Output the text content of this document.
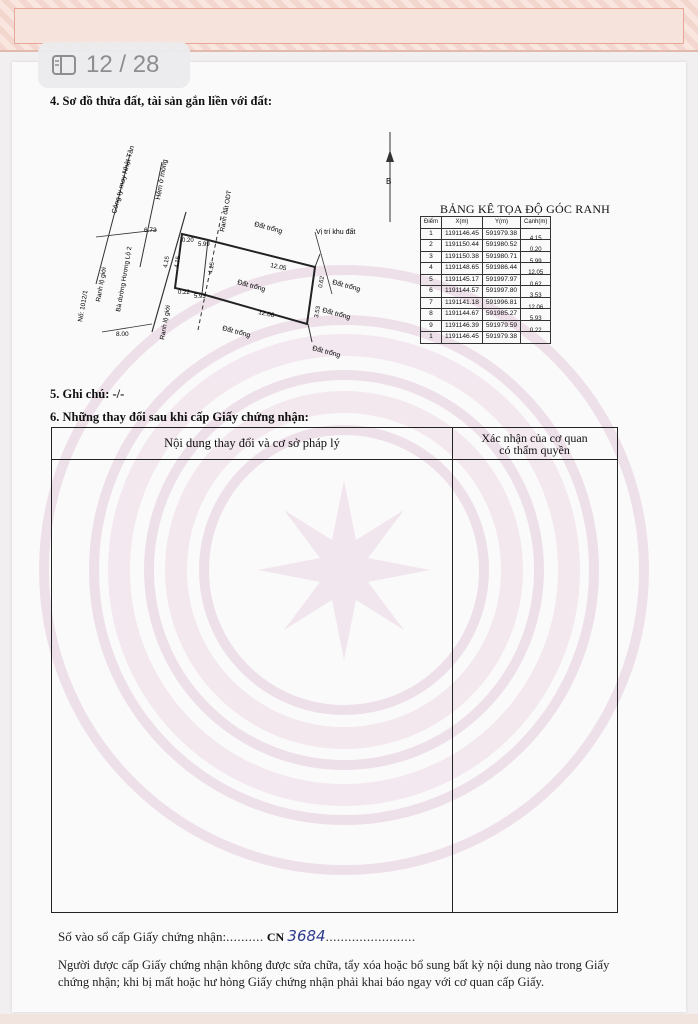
4. Sơ đồ thửa đất, tài sản gắn liền với đất:
B
Công ty may Nhật Tân	Hẻm ở móng
Ranh đất ODT
Vị trí khu đất
Nố: 1012/1
Ranh lộ giới Bà dường Hương Lộ 2
Ranh lộ giới
Đất trống
Đất trống	Đất trống
Đất trống
Đất trống
Đất trống
6.73
8.00
0.20
5.99
4.15 4.15	4.15
0.22
5.93
12.05
12.06
0.62
3.53
BẢNG KÊ TỌA ĐỘ GÓC RANH
Điểm	X(m)	Y(m)	Cạnh(m)
1	1191146.45	591979.38	4.15
2	1191150.44	591980.52	0.20
3	1191150.38	591980.71	5.99
4	1191148.65	591986.44	12.05
5	1191145.17	591997.97	0.62
6	1191144.57	591997.80	3.53
7	1191141.18	591996.81	12.06
8	1191144.67	591985.27	5.93
9	1191146.39	591979.59	0.22
1	1191146.45	591979.38	
5. Ghi chú: -/-
6. Những thay đổi sau khi cấp Giấy chứng nhận:
Nội dung thay đổi và cơ sở pháp lý	Xác nhận của cơ quan
có thẩm quyền
Số vào sổ cấp Giấy chứng nhận:.......... CN 3684........................
Người được cấp Giấy chứng nhận không được sửa chữa, tẩy xóa hoặc bổ sung bất kỳ nội dung nào trong Giấy chứng nhận; khi bị mất hoặc hư hỏng Giấy chứng nhận phải khai báo ngay với cơ quan cấp Giấy.
12 / 28
